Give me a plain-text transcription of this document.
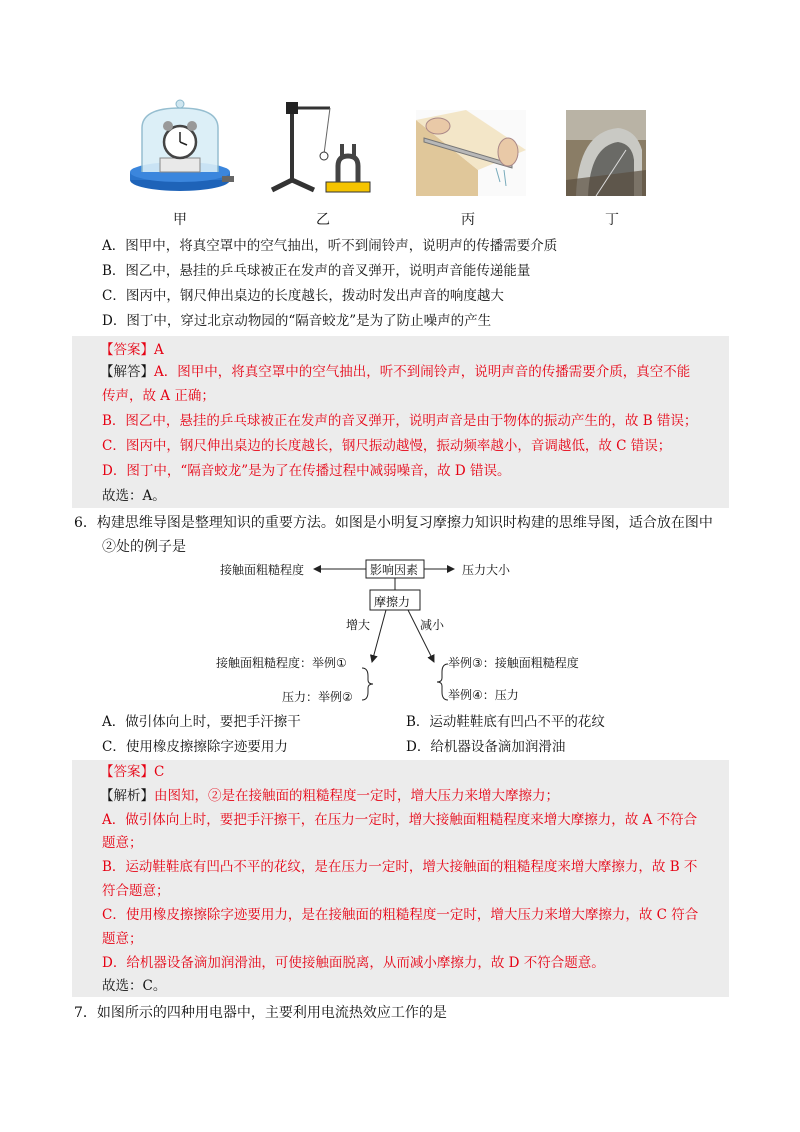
甲	乙	丙	丁
A．图甲中，将真空罩中的空气抽出，听不到闹铃声，说明声的传播需要介质
B．图乙中，悬挂的乒乓球被正在发声的音叉弹开，说明声音能传递能量
C．图丙中，钢尺伸出桌边的长度越长，拨动时发出声音的响度越大
D．图丁中，穿过北京动物园的“隔音蛟龙”是为了防止噪声的产生
【答案】A
【解答】A．图甲中，将真空罩中的空气抽出，听不到闹铃声，说明声音的传播需要介质，真空不能
传声，故 A 正确；
B．图乙中，悬挂的乒乓球被正在发声的音叉弹开，说明声音是由于物体的振动产生的，故 B 错误；
C．图丙中，钢尺伸出桌边的长度越长，钢尺振动越慢，振动频率越小，音调越低，故 C 错误；
D．图丁中，“隔音蛟龙”是为了在传播过程中减弱噪音，故 D 错误。
故选：A。
6．构建思维导图是整理知识的重要方法。如图是小明复习摩擦力知识时构建的思维导图，适合放在图中
②处的例子是
接触面粗糙程度	影响因素	压力大小
摩擦力
增大	减小
接触面粗糙程度：举例①
压力：举例②
举例③：接触面粗糙程度
举例④：压力
A．做引体向上时，要把手汗擦干	B．运动鞋鞋底有凹凸不平的花纹
C．使用橡皮擦擦除字迹要用力	D．给机器设备滴加润滑油
【答案】C
【解析】由图知，②是在接触面的粗糙程度一定时，增大压力来增大摩擦力；
A．做引体向上时，要把手汗擦干，在压力一定时，增大接触面粗糙程度来增大摩擦力，故 A 不符合
题意；
B．运动鞋鞋底有凹凸不平的花纹，是在压力一定时，增大接触面的粗糙程度来增大摩擦力，故 B 不
符合题意；
C．使用橡皮擦擦除字迹要用力，是在接触面的粗糙程度一定时，增大压力来增大摩擦力，故 C 符合
题意；
D．给机器设备滴加润滑油，可使接触面脱离，从而减小摩擦力，故 D 不符合题意。
故选：C。
7．如图所示的四种用电器中，主要利用电流热效应工作的是
